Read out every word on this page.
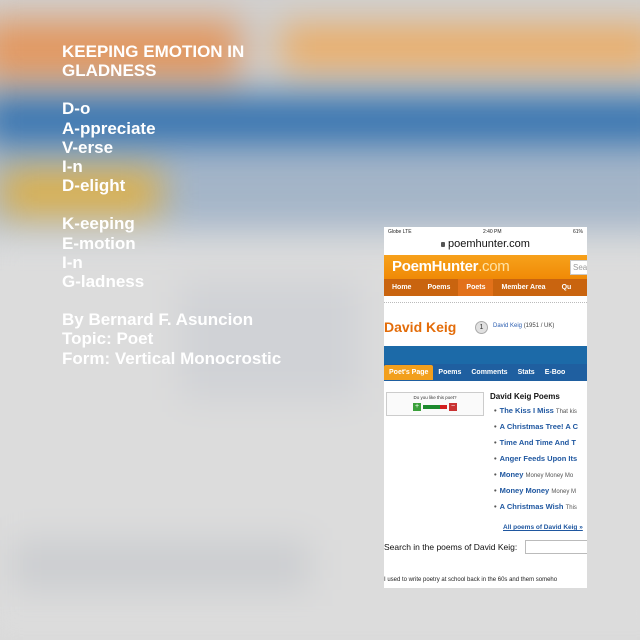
KEEPING EMOTION IN
GLADNESS
D-o
A-ppreciate
V-erse
I-n
D-elight
K-eeping
E-motion
I-n
G-ladness
By Bernard F. Asuncion
Topic: Poet
Form: Vertical Monocrostic
Globe LTE	2:40 PM	61%
poemhunter.com
PoemHunter.com	Sea
Home	Poems	Poets	Member Area	Qu
David Keig	1	David Keig (1951 / UK)
Poet's Page	Poems	Comments	Stats	E-Boo
Do you like this poet?
+	−
David Keig Poems
• The Kiss I Miss That kis
• A Christmas Tree! A C
• Time And Time And T
• Anger Feeds Upon Its
• Money Money Money Mo
• Money Money Money M
• A Christmas Wish This
All poems of David Keig »
Search in the poems of David Keig:
I used to write poetry at school back in the 60s and them someho
